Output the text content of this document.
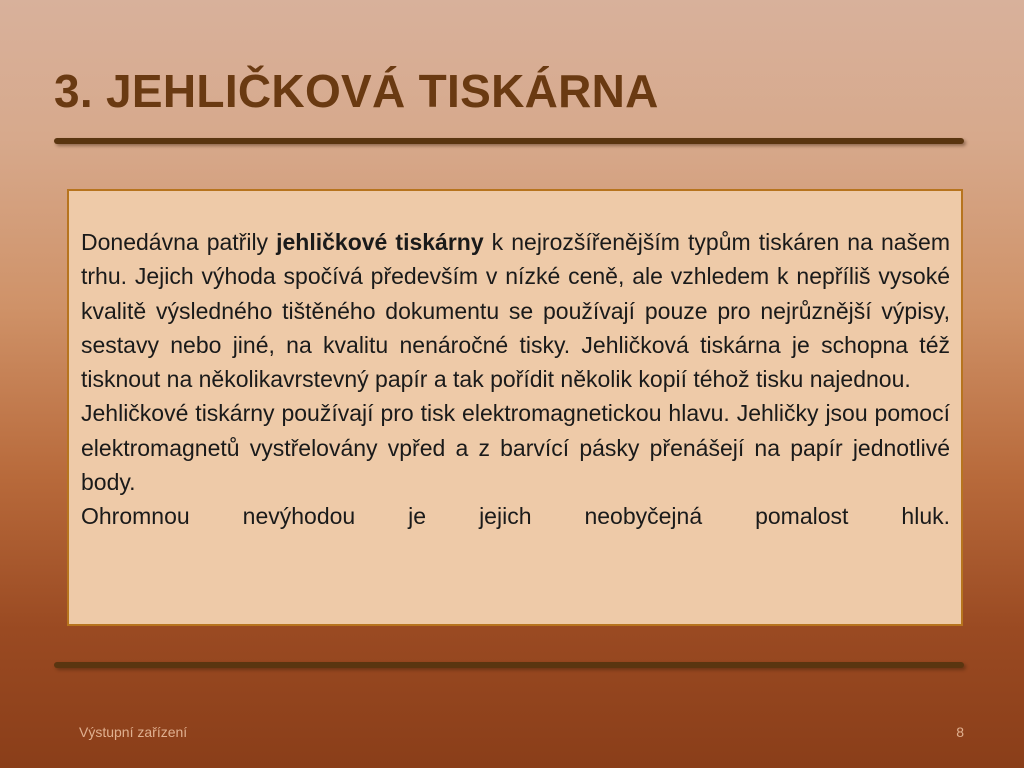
3. JEHLIČKOVÁ TISKÁRNA

Donedávna patřily jehličkové tiskárny k nejrozšířenějším typům tiskáren na našem trhu. Jejich výhoda spočívá především v nízké ceně, ale vzhledem k nepříliš vysoké kvalitě výsledného tištěného dokumentu se používají pouze pro nejrůznější výpisy, sestavy nebo jiné, na kvalitu nenáročné tisky. Jehličková tiskárna je schopna též tisknout na několikavrstevný papír a tak pořídit několik kopií téhož tisku najednou.

Jehličkové tiskárny používají pro tisk elektromagnetickou hlavu. Jehličky jsou pomocí elektromagnetů vystřelovány vpřed a z barvící pásky přenášejí na papír jednotlivé body.

Ohromnou nevýhodou je jejich neobyčejná pomalost hluk.

Výstupní zařízení	8
